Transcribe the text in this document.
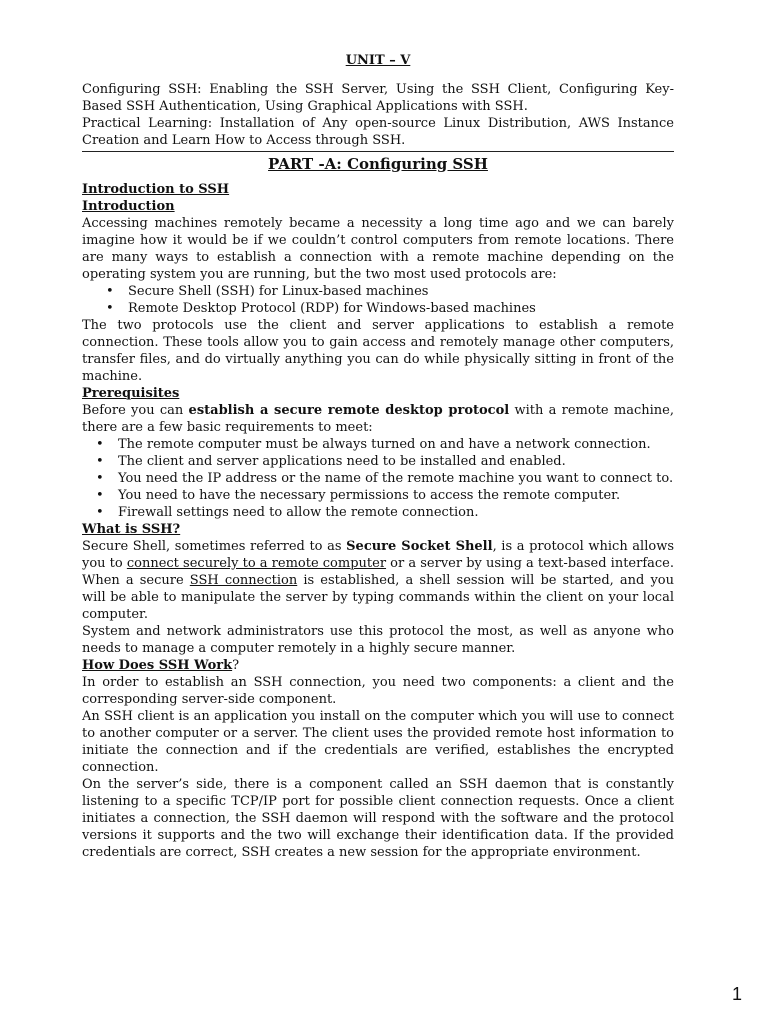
UNIT – V

Configuring SSH: Enabling the SSH Server, Using the SSH Client, Configuring Key-Based SSH Authentication, Using Graphical Applications with SSH.

Practical Learning: Installation of Any open-source Linux Distribution, AWS Instance Creation and Learn How to Access through SSH.

PART -A: Configuring SSH

Introduction to SSH

Introduction

Accessing machines remotely became a necessity a long time ago and we can barely imagine how it would be if we couldn’t control computers from remote locations. There are many ways to establish a connection with a remote machine depending on the operating system you are running, but the two most used protocols are:

• Secure Shell (SSH) for Linux-based machines
• Remote Desktop Protocol (RDP) for Windows-based machines

The two protocols use the client and server applications to establish a remote connection. These tools allow you to gain access and remotely manage other computers, transfer files, and do virtually anything you can do while physically sitting in front of the machine.

Prerequisites

Before you can establish a secure remote desktop protocol with a remote machine, there are a few basic requirements to meet:

• The remote computer must be always turned on and have a network connection.
• The client and server applications need to be installed and enabled.
• You need the IP address or the name of the remote machine you want to connect to.
• You need to have the necessary permissions to access the remote computer.
• Firewall settings need to allow the remote connection.

What is SSH?

Secure Shell, sometimes referred to as Secure Socket Shell, is a protocol which allows you to connect securely to a remote computer or a server by using a text-based interface.

When a secure SSH connection is established, a shell session will be started, and you will be able to manipulate the server by typing commands within the client on your local computer.

System and network administrators use this protocol the most, as well as anyone who needs to manage a computer remotely in a highly secure manner.

How Does SSH Work?

In order to establish an SSH connection, you need two components: a client and the corresponding server-side component.

An SSH client is an application you install on the computer which you will use to connect to another computer or a server. The client uses the provided remote host information to initiate the connection and if the credentials are verified, establishes the encrypted connection.

On the server’s side, there is a component called an SSH daemon that is constantly listening to a specific TCP/IP port for possible client connection requests. Once a client initiates a connection, the SSH daemon will respond with the software and the protocol versions it supports and the two will exchange their identification data. If the provided credentials are correct, SSH creates a new session for the appropriate environment.

1
